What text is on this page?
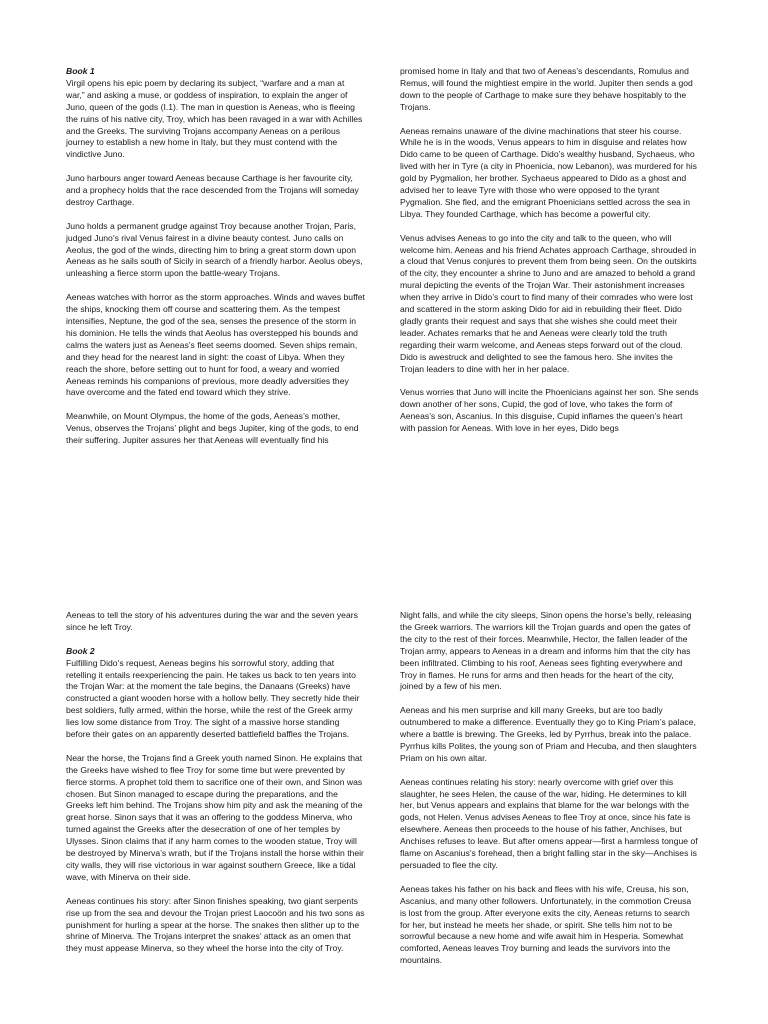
Book 1

Virgil opens his epic poem by declaring its subject, “warfare and a man at war,” and asking a muse, or goddess of inspiration, to explain the anger of Juno, queen of the gods (I.1). The man in question is Aeneas, who is fleeing the ruins of his native city, Troy, which has been ravaged in a war with Achilles and the Greeks. The surviving Trojans accompany Aeneas on a perilous journey to establish a new home in Italy, but they must contend with the vindictive Juno.

Juno harbours anger toward Aeneas because Carthage is her favourite city, and a prophecy holds that the race descended from the Trojans will someday destroy Carthage.

Juno holds a permanent grudge against Troy because another Trojan, Paris, judged Juno’s rival Venus fairest in a divine beauty contest. Juno calls on Aeolus, the god of the winds, directing him to bring a great storm down upon Aeneas as he sails south of Sicily in search of a friendly harbor. Aeolus obeys, unleashing a fierce storm upon the battle-weary Trojans.

Aeneas watches with horror as the storm approaches. Winds and waves buffet the ships, knocking them off course and scattering them. As the tempest intensifies, Neptune, the god of the sea, senses the presence of the storm in his dominion. He tells the winds that Aeolus has overstepped his bounds and calms the waters just as Aeneas’s fleet seems doomed. Seven ships remain, and they head for the nearest land in sight: the coast of Libya. When they reach the shore, before setting out to hunt for food, a weary and worried Aeneas reminds his companions of previous, more deadly adversities they have overcome and the fated end toward which they strive.

Meanwhile, on Mount Olympus, the home of the gods, Aeneas’s mother, Venus, observes the Trojans’ plight and begs Jupiter, king of the gods, to end their suffering. Jupiter assures her that Aeneas will eventually find his

promised home in Italy and that two of Aeneas’s descendants, Romulus and Remus, will found the mightiest empire in the world. Jupiter then sends a god down to the people of Carthage to make sure they behave hospitably to the Trojans.

Aeneas remains unaware of the divine machinations that steer his course. While he is in the woods, Venus appears to him in disguise and relates how Dido came to be queen of Carthage. Dido’s wealthy husband, Sychaeus, who lived with her in Tyre (a city in Phoenicia, now Lebanon), was murdered for his gold by Pygmalion, her brother. Sychaeus appeared to Dido as a ghost and advised her to leave Tyre with those who were opposed to the tyrant Pygmalion. She fled, and the emigrant Phoenicians settled across the sea in Libya. They founded Carthage, which has become a powerful city.

Venus advises Aeneas to go into the city and talk to the queen, who will welcome him. Aeneas and his friend Achates approach Carthage, shrouded in a cloud that Venus conjures to prevent them from being seen. On the outskirts of the city, they encounter a shrine to Juno and are amazed to behold a grand mural depicting the events of the Trojan War. Their astonishment increases when they arrive in Dido’s court to find many of their comrades who were lost and scattered in the storm asking Dido for aid in rebuilding their fleet. Dido gladly grants their request and says that she wishes she could meet their leader. Achates remarks that he and Aeneas were clearly told the truth regarding their warm welcome, and Aeneas steps forward out of the cloud. Dido is awestruck and delighted to see the famous hero. She invites the Trojan leaders to dine with her in her palace.

Venus worries that Juno will incite the Phoenicians against her son. She sends down another of her sons, Cupid, the god of love, who takes the form of Aeneas’s son, Ascanius. In this disguise, Cupid inflames the queen’s heart with passion for Aeneas. With love in her eyes, Dido begs

Aeneas to tell the story of his adventures during the war and the seven years since he left Troy.

Book 2

Fulfilling Dido’s request, Aeneas begins his sorrowful story, adding that retelling it entails reexperiencing the pain. He takes us back to ten years into the Trojan War: at the moment the tale begins, the Danaans (Greeks) have constructed a giant wooden horse with a hollow belly. They secretly hide their best soldiers, fully armed, within the horse, while the rest of the Greek army lies low some distance from Troy. The sight of a massive horse standing before their gates on an apparently deserted battlefield baffles the Trojans.

Near the horse, the Trojans find a Greek youth named Sinon. He explains that the Greeks have wished to flee Troy for some time but were prevented by fierce storms. A prophet told them to sacrifice one of their own, and Sinon was chosen. But Sinon managed to escape during the preparations, and the Greeks left him behind. The Trojans show him pity and ask the meaning of the great horse. Sinon says that it was an offering to the goddess Minerva, who turned against the Greeks after the desecration of one of her temples by Ulysses. Sinon claims that if any harm comes to the wooden statue, Troy will be destroyed by Minerva’s wrath, but if the Trojans install the horse within their city walls, they will rise victorious in war against southern Greece, like a tidal wave, with Minerva on their side.

Aeneas continues his story: after Sinon finishes speaking, two giant serpents rise up from the sea and devour the Trojan priest Laocoön and his two sons as punishment for hurling a spear at the horse. The snakes then slither up to the shrine of Minerva. The Trojans interpret the snakes’ attack as an omen that they must appease Minerva, so they wheel the horse into the city of Troy.

Night falls, and while the city sleeps, Sinon opens the horse’s belly, releasing the Greek warriors. The warriors kill the Trojan guards and open the gates of the city to the rest of their forces. Meanwhile, Hector, the fallen leader of the Trojan army, appears to Aeneas in a dream and informs him that the city has been infiltrated. Climbing to his roof, Aeneas sees fighting everywhere and Troy in flames. He runs for arms and then heads for the heart of the city, joined by a few of his men.

Aeneas and his men surprise and kill many Greeks, but are too badly outnumbered to make a difference. Eventually they go to King Priam’s palace, where a battle is brewing. The Greeks, led by Pyrrhus, break into the palace. Pyrrhus kills Polites, the young son of Priam and Hecuba, and then slaughters Priam on his own altar.

Aeneas continues relating his story: nearly overcome with grief over this slaughter, he sees Helen, the cause of the war, hiding. He determines to kill her, but Venus appears and explains that blame for the war belongs with the gods, not Helen. Venus advises Aeneas to flee Troy at once, since his fate is elsewhere. Aeneas then proceeds to the house of his father, Anchises, but Anchises refuses to leave. But after omens appear—first a harmless tongue of flame on Ascanius’s forehead, then a bright falling star in the sky—Anchises is persuaded to flee the city.

Aeneas takes his father on his back and flees with his wife, Creusa, his son, Ascanius, and many other followers. Unfortunately, in the commotion Creusa is lost from the group. After everyone exits the city, Aeneas returns to search for her, but instead he meets her shade, or spirit. She tells him not to be sorrowful because a new home and wife await him in Hesperia. Somewhat comforted, Aeneas leaves Troy burning and leads the survivors into the mountains.
